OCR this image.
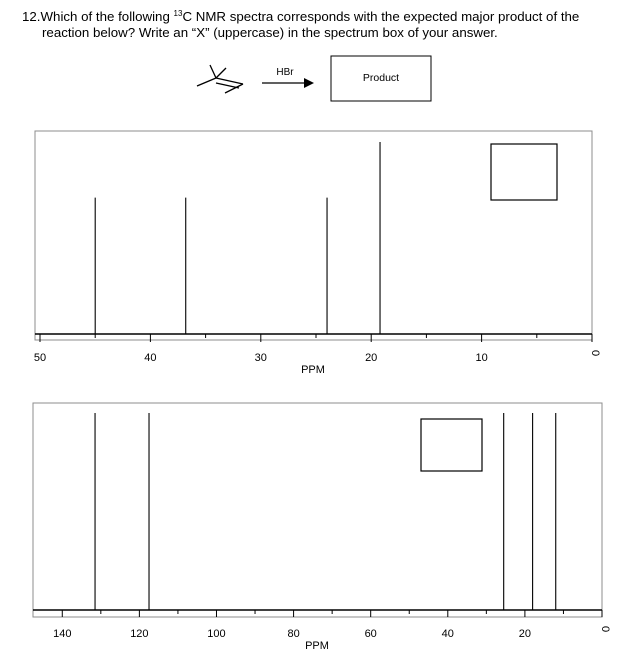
12.Which of the following $^{13}$C NMR spectra corresponds with the expected major product of the
reaction below? Write an “X” (uppercase) in the spectrum box of your answer.
HBr	Product
50	40	30	20	10	0
PPM
140	120	100	80	60	40	20	0
PPM
